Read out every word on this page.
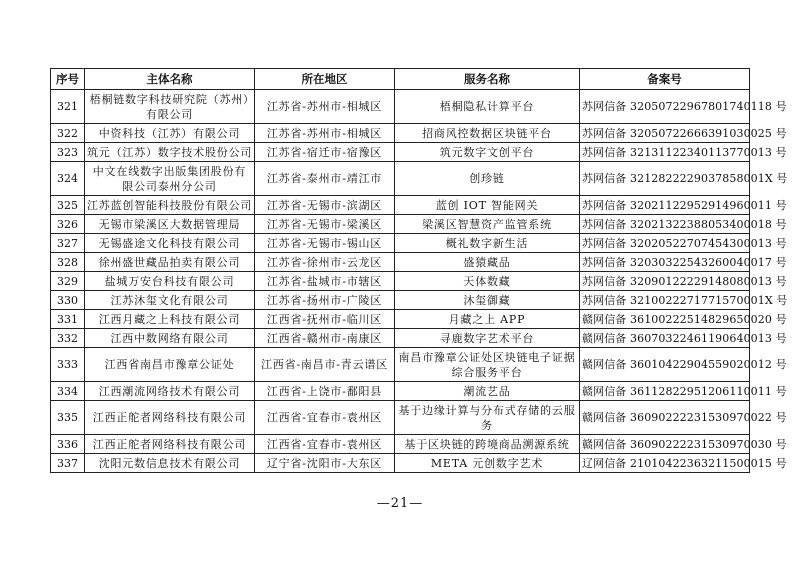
序号	主体名称	所在地区	服务名称	备案号
321	梧桐链数字科技研究院（苏州）有限公司	江苏省-苏州市-相城区	梧桐隐私计算平台	苏网信备 32050722967801740118 号
322	中资科技（江苏）有限公司	江苏省-苏州市-相城区	招商风控数据区块链平台	苏网信备 32050722666391030025 号
323	筑元（江苏）数字技术股份公司	江苏省-宿迁市-宿豫区	筑元数字文创平台	苏网信备 32131122340113770013 号
324	中文在线数字出版集团股份有限公司泰州分公司	江苏省-泰州市-靖江市	创珍链	苏网信备 3212822229037858001X 号
325	江苏蓝创智能科技股份有限公司	江苏省-无锡市-滨湖区	蓝创 IOT 智能网关	苏网信备 32021122952914960011 号
326	无锡市梁溪区大数据管理局	江苏省-无锡市-梁溪区	梁溪区智慧资产监管系统	苏网信备 32021322388053400018 号
327	无锡盛途文化科技有限公司	江苏省-无锡市-锡山区	概礼数字新生活	苏网信备 32020522707454300013 号
328	徐州盛世藏品拍卖有限公司	江苏省-徐州市-云龙区	盛猿藏品	苏网信备 32030322543260040017 号
329	盐城万安台科技有限公司	江苏省-盐城市-市辖区	天体数藏	苏网信备 32090122229148080013 号
330	江苏沐玺文化有限公司	江苏省-扬州市-广陵区	沐玺御藏	苏网信备 3210022271771570001X 号
331	江西月藏之上科技有限公司	江西省-抚州市-临川区	月藏之上 APP	赣网信备 36100222514829650020 号
332	江西中数网络有限公司	江西省-赣州市-南康区	寻鹿数字艺术平台	赣网信备 36070322461190640013 号
333	江西省南昌市豫章公证处	江西省-南昌市-青云谱区	南昌市豫章公证处区块链电子证据综合服务平台	赣网信备 36010422904559020012 号
334	江西潮流网络技术有限公司	江西省-上饶市-鄱阳县	潮流艺品	赣网信备 36112822951206110011 号
335	江西正舵者网络科技有限公司	江西省-宜春市-袁州区	基于边缘计算与分布式存储的云服务	赣网信备 36090222231530970022 号
336	江西正舵者网络科技有限公司	江西省-宜春市-袁州区	基于区块链的跨境商品溯源系统	赣网信备 36090222231530970030 号
337	沈阳元数信息技术有限公司	辽宁省-沈阳市-大东区	META 元创数字艺术	辽网信备 21010422363211500015 号
—21—
